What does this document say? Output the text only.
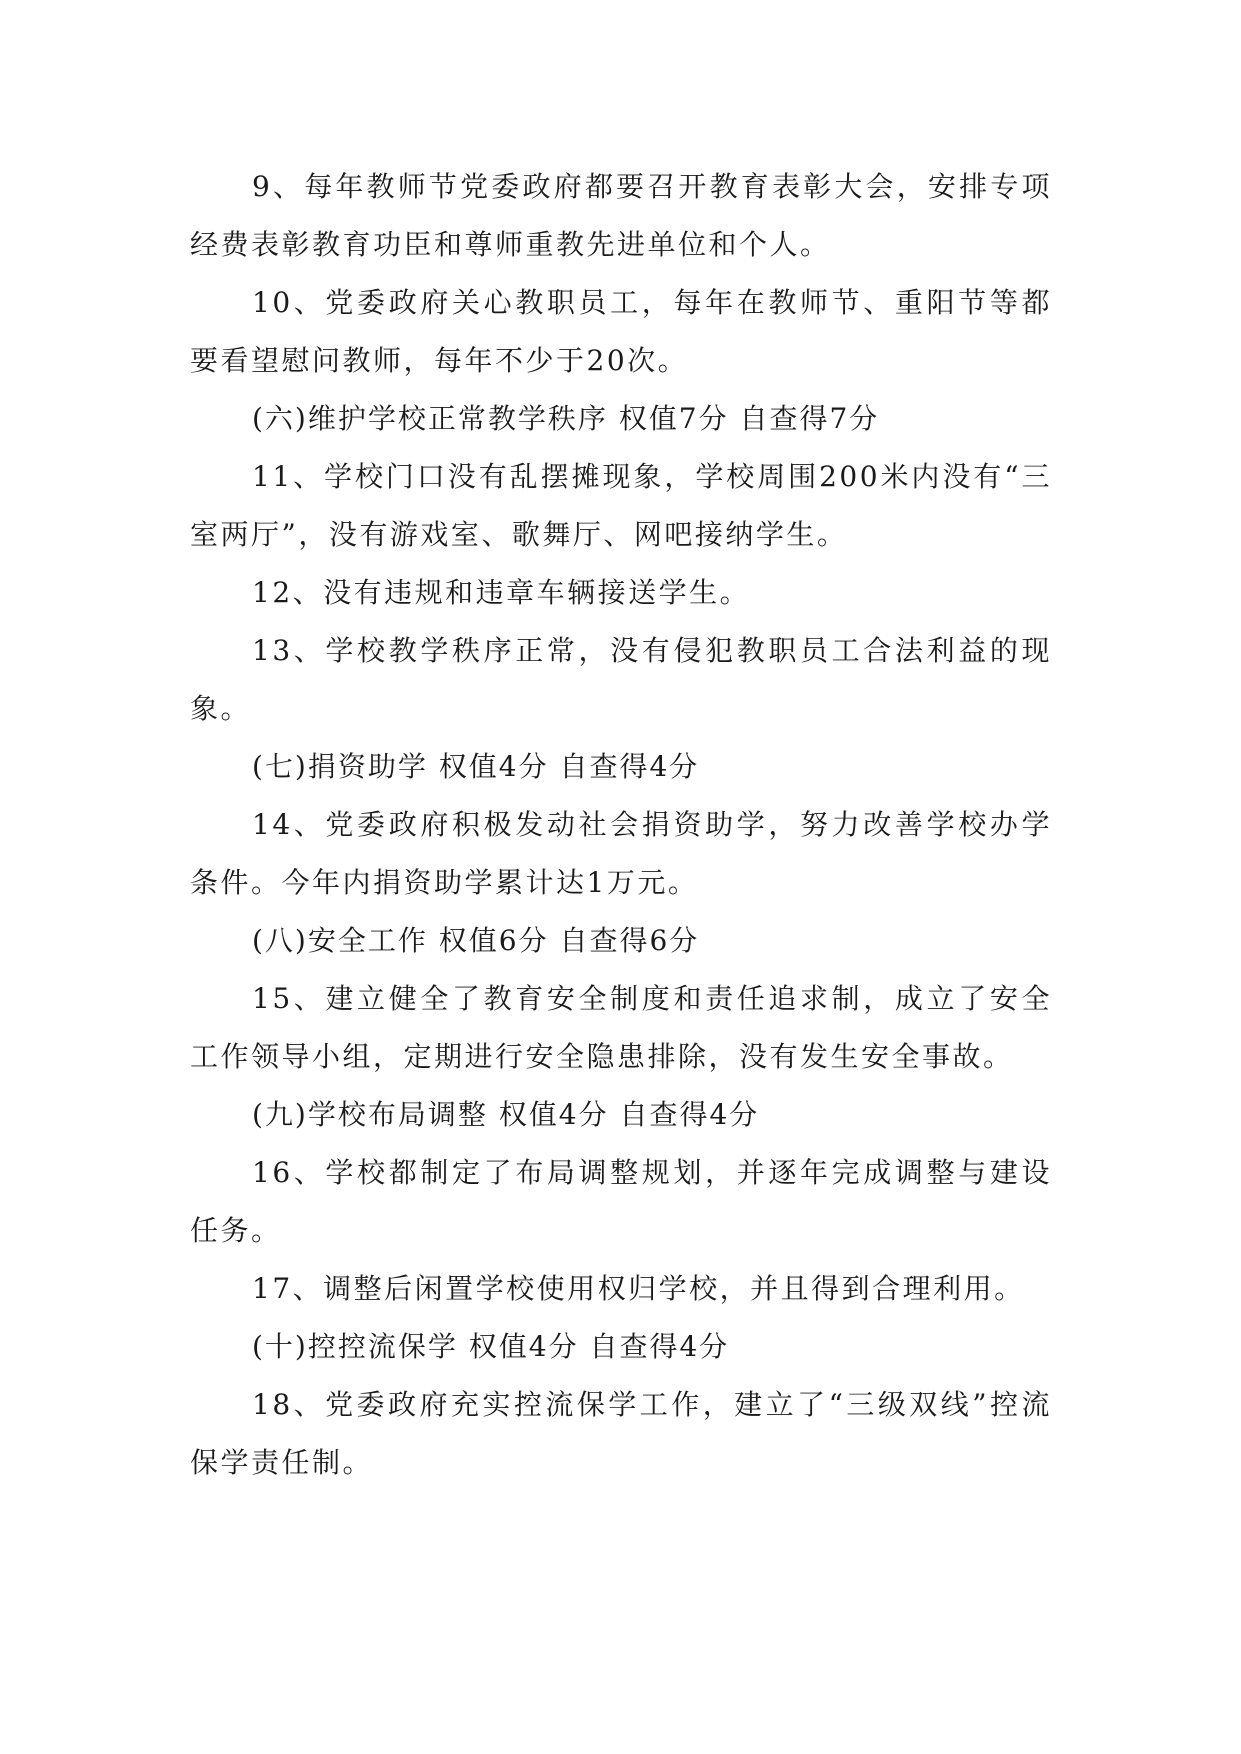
9、每年教师节党委政府都要召开教育表彰大会，安排专项经费表彰教育功臣和尊师重教先进单位和个人。

10、党委政府关心教职员工，每年在教师节、重阳节等都要看望慰问教师，每年不少于20次。

(六)维护学校正常教学秩序 权值7分 自查得7分

11、学校门口没有乱摆摊现象，学校周围200米内没有“三室两厅”，没有游戏室、歌舞厅、网吧接纳学生。

12、没有违规和违章车辆接送学生。

13、学校教学秩序正常，没有侵犯教职员工合法利益的现象。

(七)捐资助学 权值4分 自查得4分

14、党委政府积极发动社会捐资助学，努力改善学校办学条件。今年内捐资助学累计达1万元。

(八)安全工作 权值6分 自查得6分

15、建立健全了教育安全制度和责任追求制，成立了安全工作领导小组，定期进行安全隐患排除，没有发生安全事故。

(九)学校布局调整 权值4分 自查得4分

16、学校都制定了布局调整规划，并逐年完成调整与建设任务。

17、调整后闲置学校使用权归学校，并且得到合理利用。

(十)控控流保学 权值4分 自查得4分

18、党委政府充实控流保学工作，建立了“三级双线”控流保学责任制。
